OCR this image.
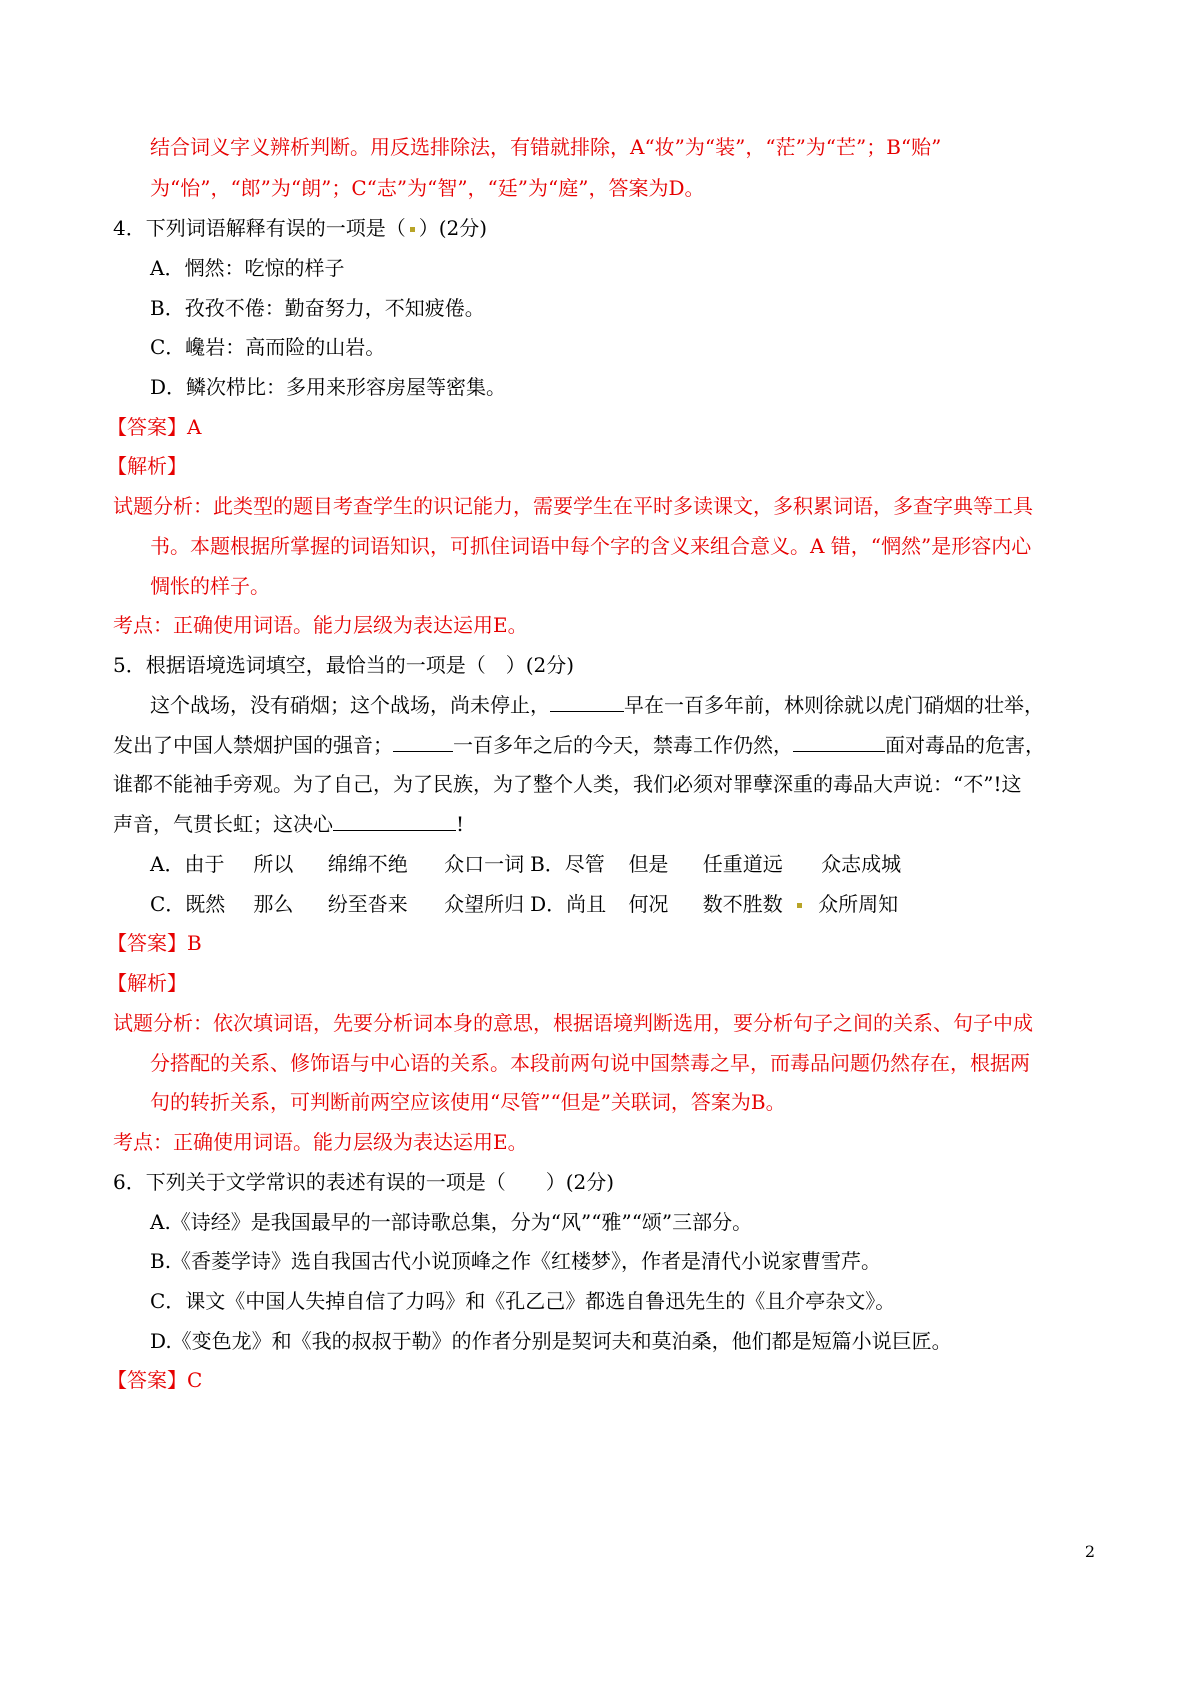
结合词义字义辨析判断。用反选排除法，有错就排除，A“妆”为“装”，“茫”为“芒”；B“贻”
为“怡”，“郎”为“朗”；C“志”为“智”，“廷”为“庭”，答案为D。
4．下列词语解释有误的一项是（ ）(2分)
A．惘然：吃惊的样子
B．孜孜不倦：勤奋努力，不知疲倦。
C．巉岩：高而险的山岩。
D．鳞次栉比：多用来形容房屋等密集。
【答案】A
【解析】
试题分析：此类型的题目考查学生的识记能力，需要学生在平时多读课文，多积累词语，多查字典等工具
书。本题根据所掌握的词语知识，可抓住词语中每个字的含义来组合意义。A 错，“惘然”是形容内心
惆怅的样子。
考点：正确使用词语。能力层级为表达运用E。
5．根据语境选词填空，最恰当的一项是（　）(2分)
这个战场，没有硝烟；这个战场，尚未停止，	早在一百多年前，林则徐就以虎门硝烟的壮举，
发出了中国人禁烟护国的强音；	一百多年之后的今天，禁毒工作仍然，	面对毒品的危害，
谁都不能袖手旁观。为了自己，为了民族，为了整个人类，我们必须对罪孽深重的毒品大声说：“不”!这
声音，气贯长虹；这决心	!
A．由于 所以 绵绵不绝 众口一词 B．尽管 但是 任重道远 众志成城
C．既然 那么 纷至沓来 众望所归 D．尚且 何况 数不胜数 众所周知
【答案】B
【解析】
试题分析：依次填词语，先要分析词本身的意思，根据语境判断选用，要分析句子之间的关系、句子中成
分搭配的关系、修饰语与中心语的关系。本段前两句说中国禁毒之早，而毒品问题仍然存在，根据两
句的转折关系，可判断前两空应该使用“尽管”“但是”关联词，答案为B。
考点：正确使用词语。能力层级为表达运用E。
6．下列关于文学常识的表述有误的一项是（　　）(2分)
A.《诗经》是我国最早的一部诗歌总集，分为“风”“雅”“颂”三部分。
B.《香菱学诗》选自我国古代小说顶峰之作《红楼梦》，作者是清代小说家曹雪芹。
C．课文《中国人失掉自信了力吗》和《孔乙己》都选自鲁迅先生的《且介亭杂文》。
D.《变色龙》和《我的叔叔于勒》的作者分别是契诃夫和莫泊桑，他们都是短篇小说巨匠。
【答案】C
2
